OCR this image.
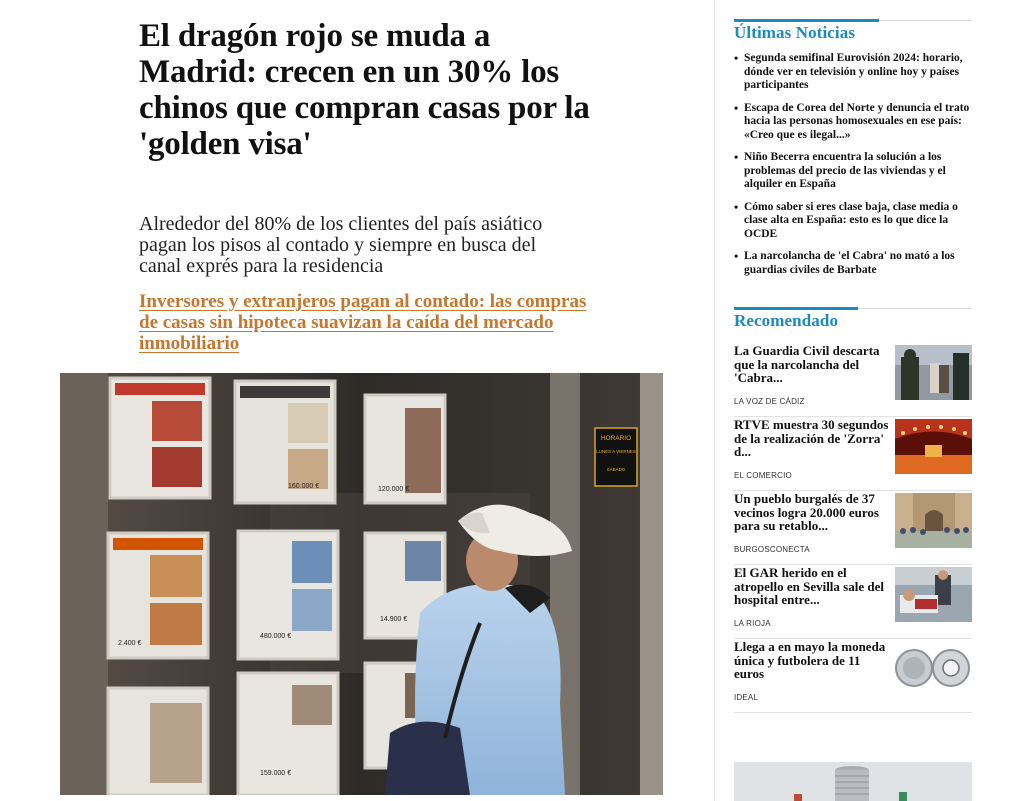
El dragón rojo se muda a Madrid: crecen en un 30% los chinos que compran casas por la 'golden visa'

Alrededor del 80% de los clientes del país asiático pagan los pisos al contado y siempre en busca del canal exprés para la residencia

Inversores y extranjeros pagan al contado: las compras de casas sin hipoteca suavizan la caída del mercado inmobiliario
160.000 €	120.000 €
2.400 €
480.000 €
14.900 €
159.000 €
HORARIO
LUNES A VIERNES
SÁBADO
Últimas Noticias
• Segunda semifinal Eurovisión 2024: horario, dónde ver en televisión y online hoy y países participantes
• Escapa de Corea del Norte y denuncia el trato hacia las personas homosexuales en ese país: «Creo que es ilegal...»
• Niño Becerra encuentra la solución a los problemas del precio de las viviendas y el alquiler en España
• Cómo saber si eres clase baja, clase media o clase alta en España: esto es lo que dice la OCDE
• La narcolancha de 'el Cabra' no mató a los guardias civiles de Barbate
Recomendado
La Guardia Civil descarta que la narcolancha del 'Cabra...
LA VOZ DE CÁDIZ
RTVE muestra 30 segundos de la realización de 'Zorra' d...
EL COMERCIO
Un pueblo burgalés de 37 vecinos logra 20.000 euros para su retablo...
BURGOSCONECTA
El GAR herido en el atropello en Sevilla sale del hospital entre...
LA RIOJA
Llega a en mayo la moneda única y futbolera de 11 euros
IDEAL
